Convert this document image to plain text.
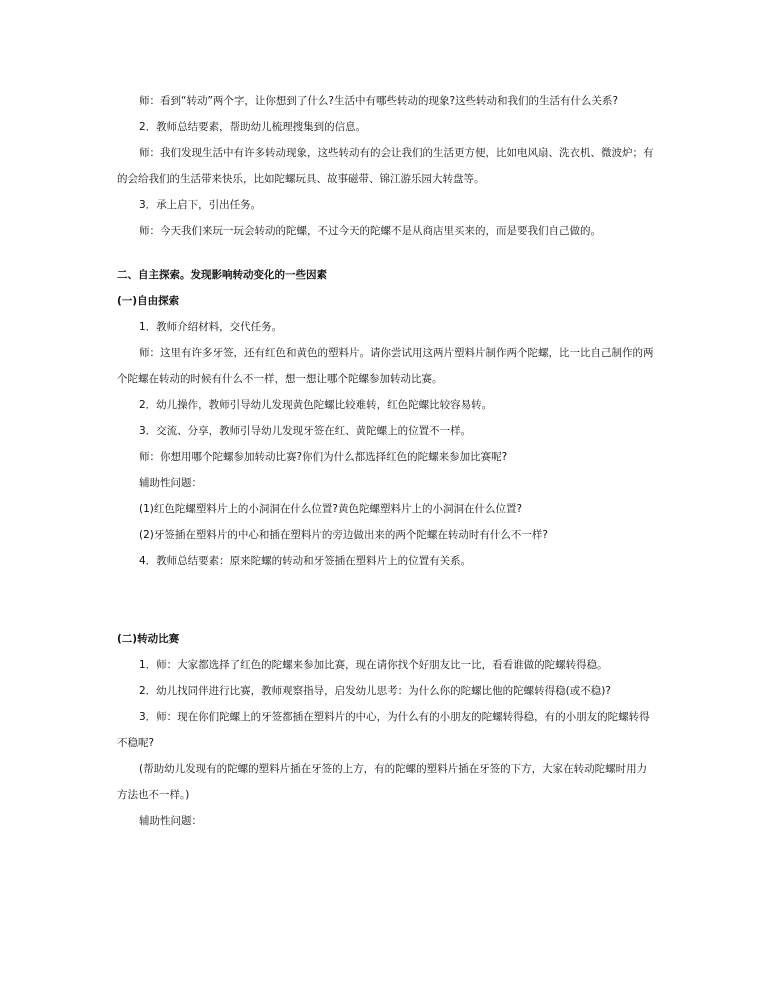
师：看到“转动”两个字，让你想到了什么?生活中有哪些转动的现象?这些转动和我们的生活有什么关系?

2．教师总结要素，帮助幼儿梳理搜集到的信息。

师：我们发现生活中有许多转动现象，这些转动有的会让我们的生活更方便，比如电风扇、洗衣机、微波炉；有的会给我们的生活带来快乐，比如陀螺玩具、故事磁带、锦江游乐园大转盘等。

3．承上启下，引出任务。

师：今天我们来玩一玩会转动的陀螺，不过今天的陀螺不是从商店里买来的，而是要我们自己做的。

二、自主探索。发现影响转动变化的一些因素

(一)自由探索

1．教师介绍材料，交代任务。

师：这里有许多牙签，还有红色和黄色的塑料片。请你尝试用这两片塑料片制作两个陀螺，比一比自己制作的两个陀螺在转动的时候有什么不一样，想一想让哪个陀螺参加转动比赛。

2．幼儿操作，教师引导幼儿发现黄色陀螺比较难转，红色陀螺比较容易转。

3．交流、分享，教师引导幼儿发现牙签在红、黄陀螺上的位置不一样。

师：你想用哪个陀螺参加转动比赛?你们为什么都选择红色的陀螺来参加比赛呢?

辅助性问题：

(1)红色陀螺塑料片上的小洞洞在什么位置?黄色陀螺塑料片上的小洞洞在什么位置?

(2)牙签插在塑料片的中心和插在塑料片的旁边做出来的两个陀螺在转动时有什么不一样?

4．教师总结要素：原来陀螺的转动和牙签插在塑料片上的位置有关系。

(二)转动比赛

1．师：大家都选择了红色的陀螺来参加比赛，现在请你找个好朋友比一比，看看谁做的陀螺转得稳。

2．幼儿找同伴进行比赛，教师观察指导，启发幼儿思考：为什么你的陀螺比他的陀螺转得稳(或不稳)?

3．师：现在你们陀螺上的牙签都插在塑料片的中心，为什么有的小朋友的陀螺转得稳，有的小朋友的陀螺转得不稳呢?

(帮助幼儿发现有的陀螺的塑料片插在牙签的上方，有的陀螺的塑料片插在牙签的下方，大家在转动陀螺时用力方法也不一样。)

辅助性问题：
